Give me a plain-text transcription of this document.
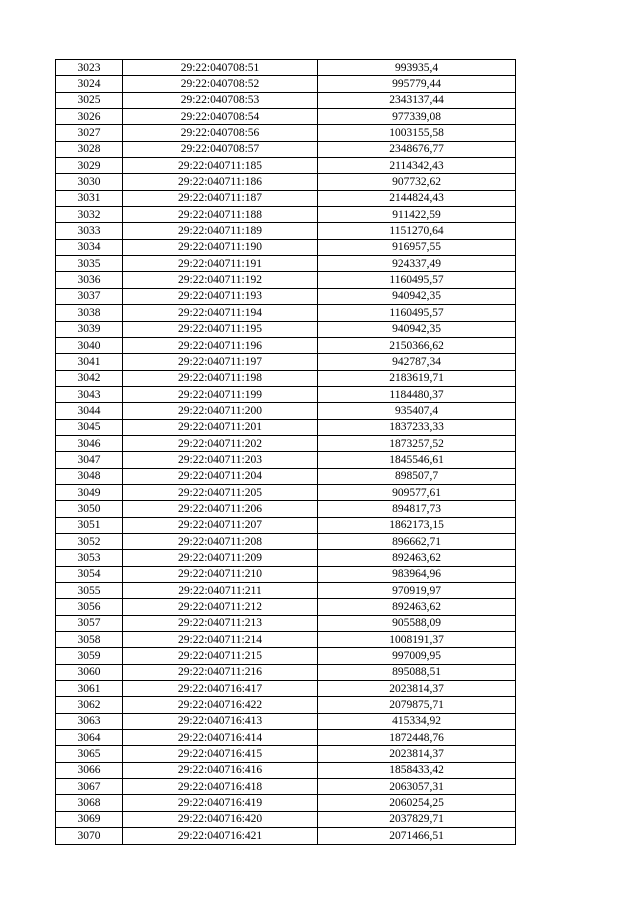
3023	29:22:040708:51	993935,4
3024	29:22:040708:52	995779,44
3025	29:22:040708:53	2343137,44
3026	29:22:040708:54	977339,08
3027	29:22:040708:56	1003155,58
3028	29:22:040708:57	2348676,77
3029	29:22:040711:185	2114342,43
3030	29:22:040711:186	907732,62
3031	29:22:040711:187	2144824,43
3032	29:22:040711:188	911422,59
3033	29:22:040711:189	1151270,64
3034	29:22:040711:190	916957,55
3035	29:22:040711:191	924337,49
3036	29:22:040711:192	1160495,57
3037	29:22:040711:193	940942,35
3038	29:22:040711:194	1160495,57
3039	29:22:040711:195	940942,35
3040	29:22:040711:196	2150366,62
3041	29:22:040711:197	942787,34
3042	29:22:040711:198	2183619,71
3043	29:22:040711:199	1184480,37
3044	29:22:040711:200	935407,4
3045	29:22:040711:201	1837233,33
3046	29:22:040711:202	1873257,52
3047	29:22:040711:203	1845546,61
3048	29:22:040711:204	898507,7
3049	29:22:040711:205	909577,61
3050	29:22:040711:206	894817,73
3051	29:22:040711:207	1862173,15
3052	29:22:040711:208	896662,71
3053	29:22:040711:209	892463,62
3054	29:22:040711:210	983964,96
3055	29:22:040711:211	970919,97
3056	29:22:040711:212	892463,62
3057	29:22:040711:213	905588,09
3058	29:22:040711:214	1008191,37
3059	29:22:040711:215	997009,95
3060	29:22:040711:216	895088,51
3061	29:22:040716:417	2023814,37
3062	29:22:040716:422	2079875,71
3063	29:22:040716:413	415334,92
3064	29:22:040716:414	1872448,76
3065	29:22:040716:415	2023814,37
3066	29:22:040716:416	1858433,42
3067	29:22:040716:418	2063057,31
3068	29:22:040716:419	2060254,25
3069	29:22:040716:420	2037829,71
3070	29:22:040716:421	2071466,51
